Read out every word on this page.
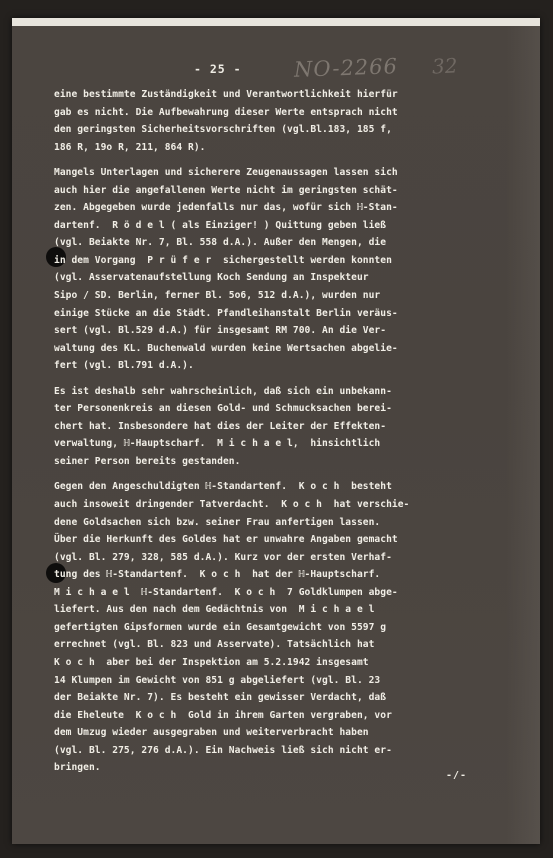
- 25 - NO-2266 32
eine bestimmte Zuständigkeit und Verantwortlichkeit hierfür
gab es nicht. Die Aufbewahrung dieser Werte entsprach nicht
den geringsten Sicherheitsvorschriften (vgl.Bl.183, 185 f,
186 R, 19o R, 211, 864 R).
Mangels Unterlagen und sicherere Zeugenaussagen lassen sich
auch hier die angefallenen Werte nicht im geringsten schät-
zen. Abgegeben wurde jedenfalls nur das, wofür sich ℍ-Stan-
dartenf.  R ö d e l ( als Einziger! ) Quittung geben ließ
(vgl. Beiakte Nr. 7, Bl. 558 d.A.). Außer den Mengen, die
in dem Vorgang  P r ü f e r  sichergestellt werden konnten
(vgl. Asservatenaufstellung Koch Sendung an Inspekteur
Sipo / SD. Berlin, ferner Bl. 5o6, 512 d.A.), wurden nur
einige Stücke an die Städt. Pfandleihanstalt Berlin veräus-
sert (vgl. Bl.529 d.A.) für insgesamt RM 700. An die Ver-
waltung des KL. Buchenwald wurden keine Wertsachen abgelie-
fert (vgl. Bl.791 d.A.).
Es ist deshalb sehr wahrscheinlich, daß sich ein unbekann-
ter Personenkreis an diesen Gold- und Schmucksachen berei-
chert hat. Insbesondere hat dies der Leiter der Effekten-
verwaltung, ℍ-Hauptscharf.  M i c h a e l,  hinsichtlich
seiner Person bereits gestanden.
Gegen den Angeschuldigten ℍ-Standartenf.  K o c h  besteht
auch insoweit dringender Tatverdacht.  K o c h  hat verschie-
dene Goldsachen sich bzw. seiner Frau anfertigen lassen.
Über die Herkunft des Goldes hat er unwahre Angaben gemacht
(vgl. Bl. 279, 328, 585 d.A.). Kurz vor der ersten Verhaf-
tung des ℍ-Standartenf.  K o c h  hat der ℍ-Hauptscharf.
M i c h a e l  ℍ-Standartenf.  K o c h  7 Goldklumpen abge-
liefert. Aus den nach dem Gedächtnis von  M i c h a e l
gefertigten Gipsformen wurde ein Gesamtgewicht von 5597 g
errechnet (vgl. Bl. 823 und Asservate). Tatsächlich hat
K o c h  aber bei der Inspektion am 5.2.1942 insgesamt
14 Klumpen im Gewicht von 851 g abgeliefert (vgl. Bl. 23
der Beiakte Nr. 7). Es besteht ein gewisser Verdacht, daß
die Eheleute  K o c h  Gold in ihrem Garten vergraben, vor
dem Umzug wieder ausgegraben und weiterverbracht haben
(vgl. Bl. 275, 276 d.A.). Ein Nachweis ließ sich nicht er-
bringen.
-/-
